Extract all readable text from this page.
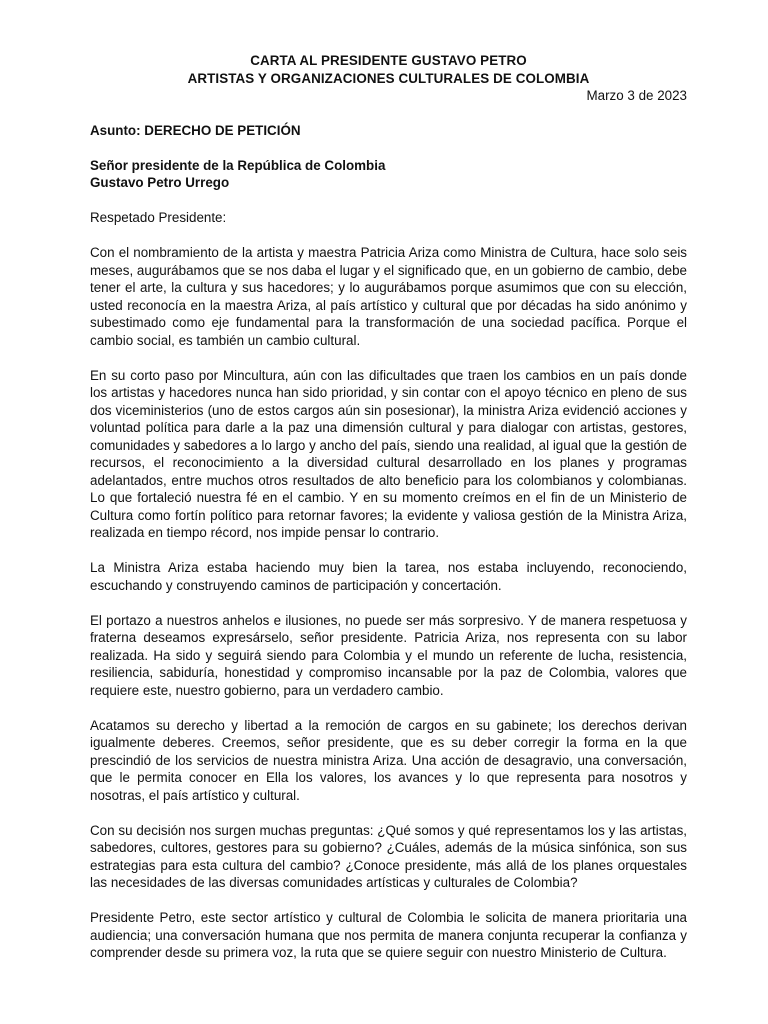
CARTA AL PRESIDENTE GUSTAVO PETRO
ARTISTAS Y ORGANIZACIONES CULTURALES DE COLOMBIA
Marzo 3 de 2023
Asunto: DERECHO DE PETICIÓN
Señor presidente de la República de Colombia
Gustavo Petro Urrego
Respetado Presidente:

Con el nombramiento de la artista y maestra Patricia Ariza como Ministra de Cultura, hace solo seis meses, augurábamos que se nos daba el lugar y el significado que, en un gobierno de cambio, debe tener el arte, la cultura y sus hacedores; y lo augurábamos porque asumimos que con su elección, usted reconocía en la maestra Ariza, al país artístico y cultural que por décadas ha sido anónimo y subestimado como eje fundamental para la transformación de una sociedad pacífica. Porque el cambio social, es también un cambio cultural.

En su corto paso por Mincultura, aún con las dificultades que traen los cambios en un país donde los artistas y hacedores nunca han sido prioridad, y sin contar con el apoyo técnico en pleno de sus dos viceministerios (uno de estos cargos aún sin posesionar), la ministra Ariza evidenció acciones y voluntad política para darle a la paz una dimensión cultural y para dialogar con artistas, gestores, comunidades y sabedores a lo largo y ancho del país, siendo una realidad, al igual que la gestión de recursos, el reconocimiento a la diversidad cultural desarrollado en los planes y programas adelantados, entre muchos otros resultados de alto beneficio para los colombianos y colombianas. Lo que fortaleció nuestra fé en el cambio. Y en su momento creímos en el fin de un Ministerio de Cultura como fortín político para retornar favores; la evidente y valiosa gestión de la Ministra Ariza, realizada en tiempo récord, nos impide pensar lo contrario.

La Ministra Ariza estaba haciendo muy bien la tarea, nos estaba incluyendo, reconociendo, escuchando y construyendo caminos de participación y concertación.

El portazo a nuestros anhelos e ilusiones, no puede ser más sorpresivo. Y de manera respetuosa y fraterna deseamos expresárselo, señor presidente. Patricia Ariza, nos representa con su labor realizada. Ha sido y seguirá siendo para Colombia y el mundo un referente de lucha, resistencia, resiliencia, sabiduría, honestidad y compromiso incansable por la paz de Colombia, valores que requiere este, nuestro gobierno, para un verdadero cambio.

Acatamos su derecho y libertad a la remoción de cargos en su gabinete; los derechos derivan igualmente deberes. Creemos, señor presidente, que es su deber corregir la forma en la que prescindió de los servicios de nuestra ministra Ariza. Una acción de desagravio, una conversación, que le permita conocer en Ella los valores, los avances y lo que representa para nosotros y nosotras, el país artístico y cultural.

Con su decisión nos surgen muchas preguntas: ¿Qué somos y qué representamos los y las artistas, sabedores, cultores, gestores para su gobierno? ¿Cuáles, además de la música sinfónica, son sus estrategias para esta cultura del cambio? ¿Conoce presidente, más allá de los planes orquestales las necesidades de las diversas comunidades artísticas y culturales de Colombia?

Presidente Petro, este sector artístico y cultural de Colombia le solicita de manera prioritaria una audiencia; una conversación humana que nos permita de manera conjunta recuperar la confianza y comprender desde su primera voz, la ruta que se quiere seguir con nuestro Ministerio de Cultura.
